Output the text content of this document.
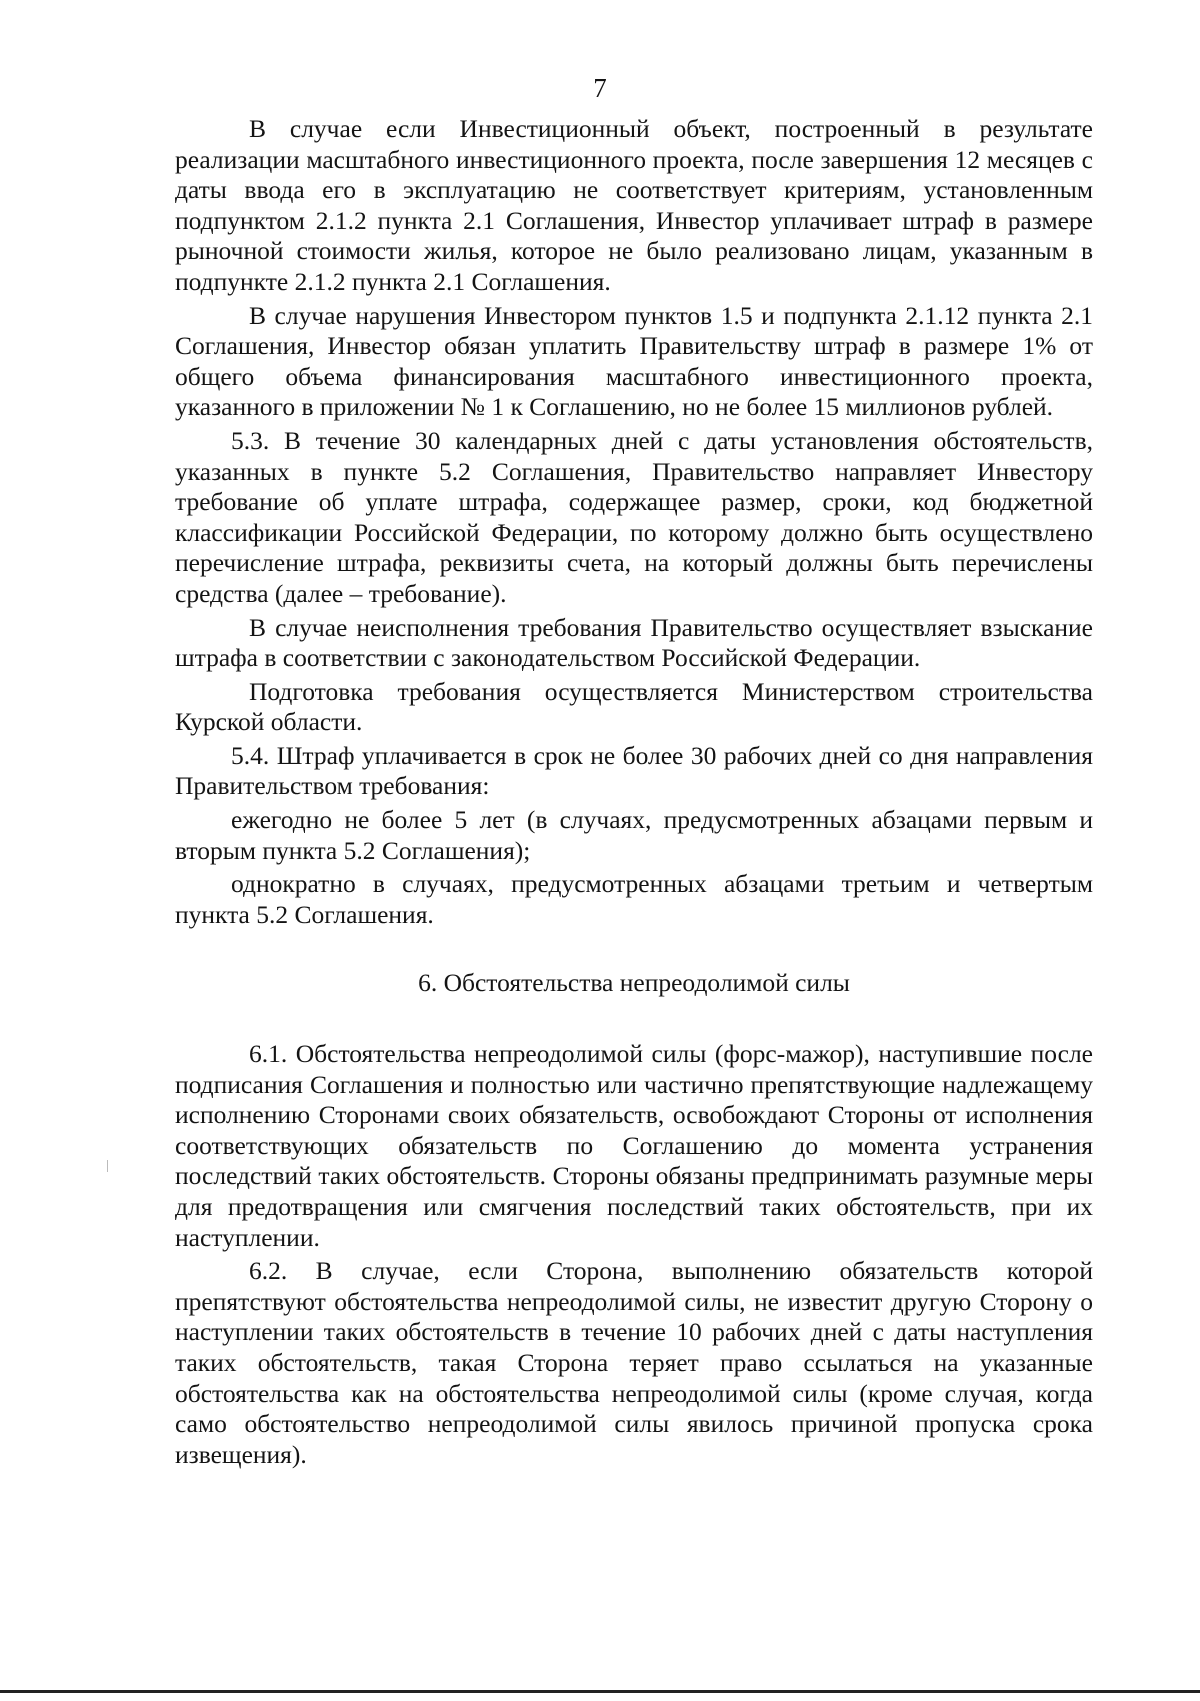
7

В случае если Инвестиционный объект, построенный в результате реализации масштабного инвестиционного проекта, после завершения 12 месяцев с даты ввода его в эксплуатацию не соответствует критериям, установленным подпунктом 2.1.2 пункта 2.1 Соглашения, Инвестор уплачивает штраф в размере рыночной стоимости жилья, которое не было реализовано лицам, указанным в подпункте 2.1.2 пункта 2.1 Соглашения.

В случае нарушения Инвестором пунктов 1.5 и подпункта 2.1.12 пункта 2.1 Соглашения, Инвестор обязан уплатить Правительству штраф в размере 1% от общего объема финансирования масштабного инвестиционного проекта, указанного в приложении № 1 к Соглашению, но не более 15 миллионов рублей.

5.3. В течение 30 календарных дней с даты установления обстоятельств, указанных в пункте 5.2 Соглашения, Правительство направляет Инвестору требование об уплате штрафа, содержащее размер, сроки, код бюджетной классификации Российской Федерации, по которому должно быть осуществлено перечисление штрафа, реквизиты счета, на который должны быть перечислены средства (далее – требование).

В случае неисполнения требования Правительство осуществляет взыскание штрафа в соответствии с законодательством Российской Федерации.

Подготовка требования осуществляется Министерством строительства Курской области.

5.4. Штраф уплачивается в срок не более 30 рабочих дней со дня направления Правительством требования:

ежегодно не более 5 лет (в случаях, предусмотренных абзацами первым и вторым пункта 5.2 Соглашения);

однократно в случаях, предусмотренных абзацами третьим и четвертым пункта 5.2 Соглашения.

6. Обстоятельства непреодолимой силы

6.1. Обстоятельства непреодолимой силы (форс-мажор), наступившие после подписания Соглашения и полностью или частично препятствующие надлежащему исполнению Сторонами своих обязательств, освобождают Стороны от исполнения соответствующих обязательств по Соглашению до момента устранения последствий таких обстоятельств. Стороны обязаны предпринимать разумные меры для предотвращения или смягчения последствий таких обстоятельств, при их наступлении.

6.2. В случае, если Сторона, выполнению обязательств которой препятствуют обстоятельства непреодолимой силы, не известит другую Сторону о наступлении таких обстоятельств в течение 10 рабочих дней с даты наступления таких обстоятельств, такая Сторона теряет право ссылаться на указанные обстоятельства как на обстоятельства непреодолимой силы (кроме случая, когда само обстоятельство непреодолимой силы явилось причиной пропуска срока извещения).
